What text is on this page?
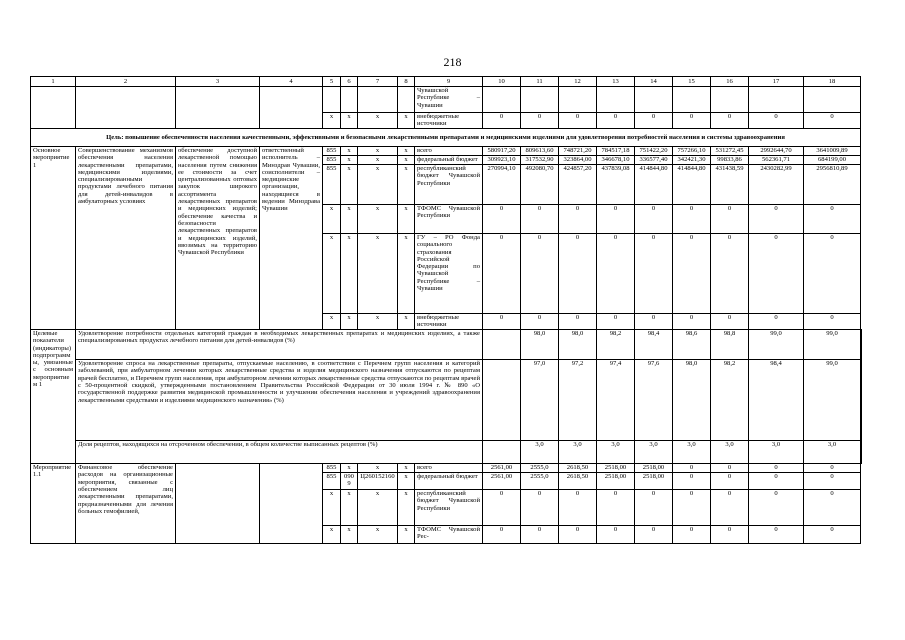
218
1	2	3	4	5	6	7	8	9	10	11	12	13	14	15	16	17	18	
								Чувашской Республике – Чувашии										
				x	x	x	x	внебюджетные источники	0	0	0	0	0	0	0	0	0	
Цель: повышение обеспеченности населения качественными, эффективными и безопасными лекарственными препаратами и медицинскими изделиями для удовлетворения потребностей населения и системы здравоохранения																		
Основное мероприятие 1	Совершенствование механизмов обеспечения населения лекарственными препаратами, медицинскими изделиями, специализированными продуктами лечебного питания для детей-инвалидов в амбулаторных условиях	обеспечение доступной лекарственной помощью населения путем снижения ее стоимости за счет централизованных оптовых закупок широкого ассортимента лекарственных препаратов и медицинских изделий; обеспечение качества и безопасности лекарственных препаратов и медицинских изделий, ввозимых на территорию Чувашской Республики	ответственный исполнитель – Минздрав Чувашии, соисполнители – медицинские организации, находящиеся в ведении Минздрава Чувашии	855	x	x	x	всего	580917,20	809613,60	748721,20	784517,18	751422,20	757266,10	531272,45	2992644,70	3641009,89	
				855	x	x	x	федеральный бюджет	309923,10	317532,90	323864,00	346678,10	336577,40	342421,30	99833,86	562361,71	684199,00	
				855	x	x	x	республиканский бюджет Чувашской Республики	270994,10	492080,70	424857,20	437839,08	414844,80	414844,80	431438,59	2430282,99	2956810,89	
				x	x	x	x	ТФОМС Чувашской Республики	0	0	0	0	0	0	0	0	0	
				x	x	x	x	ГУ – РО Фонда социального страхования Российской Федерации по Чувашской Республике – Чувашии	0	0	0	0	0	0	0	0	0	
				x	x	x	x	внебюджетные источники	0	0	0	0	0	0	0	0	0	
Целевые показатели (индикаторы) подпрограммы, увязанные с основным мероприятием 1	Удовлетворение потребности отдельных категорий граждан в необходимых лекарственных препаратах и медицинских изделиях, а также специализированных продуктах лечебного питания для детей-инвалидов (%)									98,0	98,0	98,2	98,4	98,6	98,8	99,0	99,0	
	Удовлетворение спроса на лекарственные препараты, отпускаемые населению, в соответствии с Перечнем групп населения и категорий заболеваний, при амбулаторном лечении которых лекарственные средства и изделия медицинского назначения отпускаются по рецептам врачей бесплатно, и Перечнем групп населения, при амбулаторном лечении которых лекарственные средства отпускаются по рецептам врачей с 50-процентной скидкой, утвержденными постановлением Правительства Российской Федерации от 30 июля 1994 г. № 890 «О государственной поддержке развития медицинской промышленности и улучшении обеспечения населения и учреждений здравоохранения лекарственными средствами и изделиями медицинского назначения» (%)									97,0	97,2	97,4	97,6	98,0	98,2	98,4	99,0	
	Доля рецептов, находящихся на отсроченном обеспечении, в общем количестве выписанных рецептов (%)									3,0	3,0	3,0	3,0	3,0	3,0	3,0	3,0	
Мероприятие 1.1	Финансовое обеспечение расходов на организационные мероприятия, связанные с обеспечением лиц лекарственными препаратами, предназначенными для лечения больных гемофилией,			855	x	x	x	всего	2561,00	2555,0	2618,50	2518,00	2518,00	0	0	0	0	
				855	0909	Ц260152160	x	федеральный бюджет	2561,00	2555,0	2618,50	2518,00	2518,00	0	0	0	0	
				x	x	x	x	республиканский бюджет Чувашской Республики	0	0	0	0	0	0	0	0	0	
				x	x	x	x	ТФОМС Чувашской Рес-	0	0	0	0	0	0	0	0	0	
